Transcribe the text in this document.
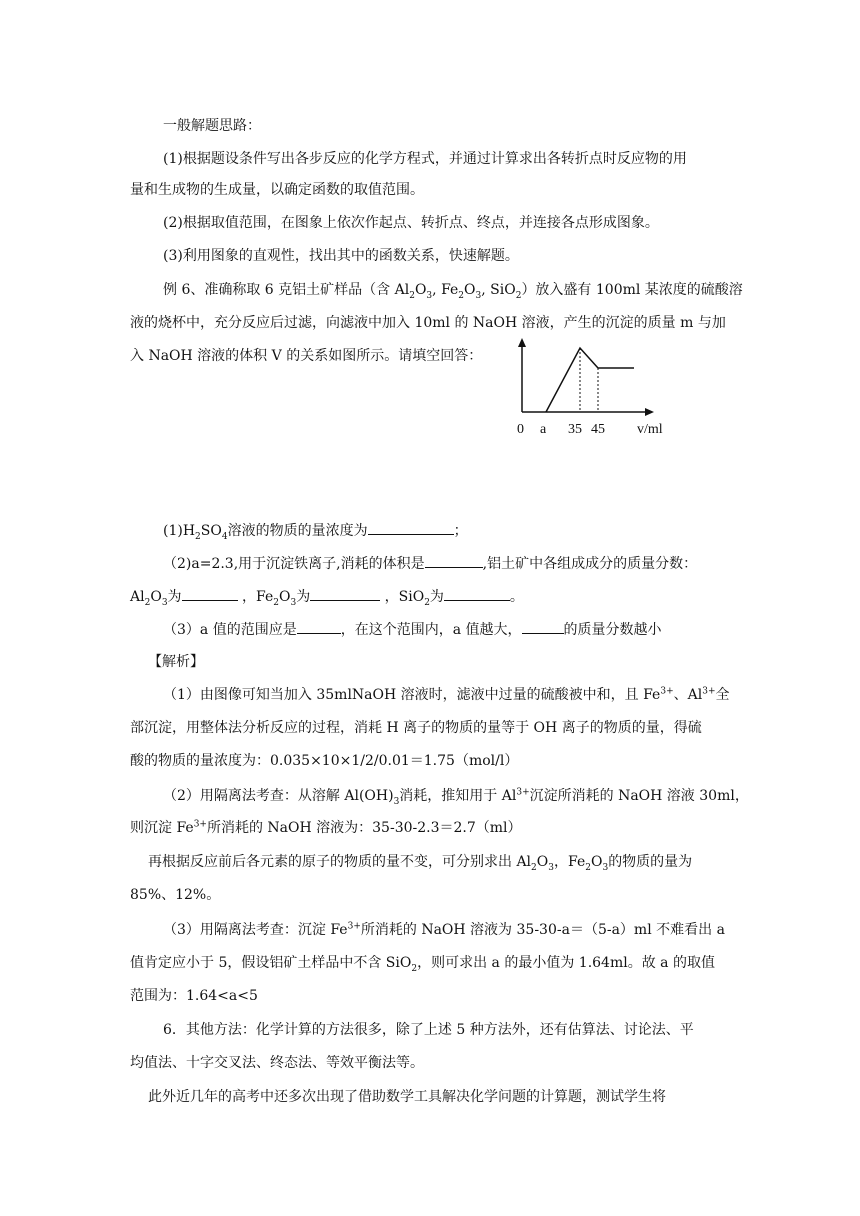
一般解题思路：
(1)根据题设条件写出各步反应的化学方程式，并通过计算求出各转折点时反应物的用
量和生成物的生成量，以确定函数的取值范围。
(2)根据取值范围，在图象上依次作起点、转折点、终点，并连接各点形成图象。
(3)利用图象的直观性，找出其中的函数关系，快速解题。
例 6、准确称取 6 克铝土矿样品（含 $Al_2O_3$, $Fe_2O_3$, SiO$_2$）放入盛有 100ml 某浓度的硫酸溶
液的烧杯中，充分反应后过滤，向滤液中加入 10ml 的 NaOH 溶液，产生的沉淀的质量 m 与加
入 NaOH 溶液的体积 V 的关系如图所示。请填空回答：
0 a 35 45 v/ml
$(1)H_2SO_4$溶液的物质的量浓度为	；
（2)a=2.3,用于沉淀铁离子,消耗的体积是	,铝土矿中各组成成分的质量分数：
$Al_2O_3$为	，$Fe_2O_3$为	，SiO$_2$为	。
（3）a 值的范围应是	，在这个范围内，a 值越大，	的质量分数越小
【解析】
（1）由图像可知当加入 35mlNaOH 溶液时，滤液中过量的硫酸被中和，且 $Fe^{3+}$、$Al^{3+}$全
部沉淀，用整体法分析反应的过程，消耗 H 离子的物质的量等于 OH 离子的物质的量，得硫
酸的物质的量浓度为：0.035×10×1/2/0.01＝1.75（mol/l）
（2）用隔离法考查：从溶解 $Al(OH)_3$消耗，推知用于 $Al^{3+}$沉淀所消耗的 NaOH 溶液 30ml，
则沉淀 $Fe^{3+}$所消耗的 NaOH 溶液为：35-30-2.3＝2.7（ml）
再根据反应前后各元素的原子的物质的量不变，可分别求出 $Al_2O_3$，$Fe_2O_3$的物质的量为
85%、12%。
（3）用隔离法考查：沉淀 $Fe^{3+}$所消耗的 NaOH 溶液为 35-30-a＝（5-a）ml 不难看出 a
值肯定应小于 5，假设铝矿土样品中不含 SiO$_2$，则可求出 a 的最小值为 1.64ml。故 a 的取值
范围为：1.64<a<5
6．其他方法：化学计算的方法很多，除了上述 5 种方法外，还有估算法、讨论法、平
均值法、十字交叉法、终态法、等效平衡法等。
此外近几年的高考中还多次出现了借助数学工具解决化学问题的计算题，测试学生将
